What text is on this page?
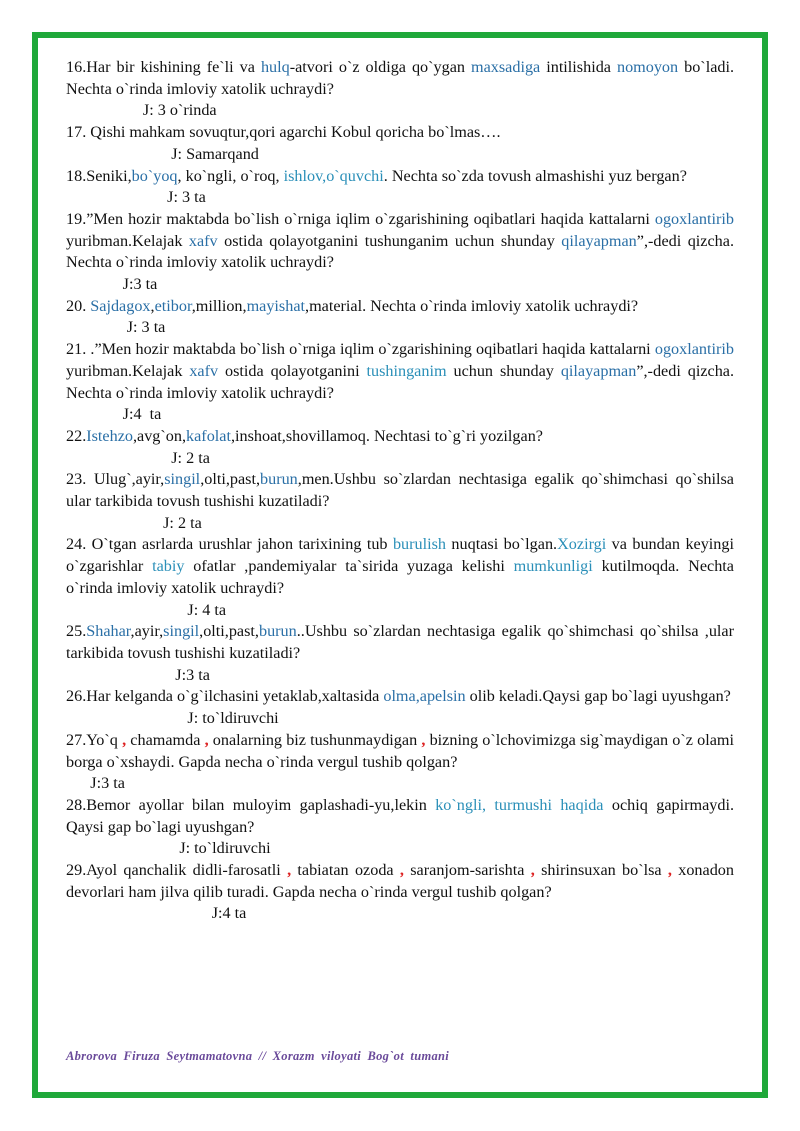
16.Har bir kishining fe`li va hulq-atvori o`z oldiga qo`ygan maxsadiga intilishida nomoyon bo`ladi. Nechta o`rinda imloviy xatolik uchraydi?

J: 3 o`rinda

17. Qishi mahkam sovuqtur,qori agarchi Kobul qoricha bo`lmas….

J: Samarqand

18.Seniki,bo`yoq, ko`ngli, o`roq, ishlov,o`quvchi. Nechta so`zda tovush almashishi yuz bergan?

J: 3 ta

19.”Men hozir maktabda bo`lish o`rniga iqlim o`zgarishining oqibatlari haqida kattalarni ogoxlantirib yuribman.Kelajak xafv ostida qolayotganini tushunganim uchun shunday qilayapman”,-dedi qizcha. Nechta o`rinda imloviy xatolik uchraydi?

J:3 ta

20. Sajdagox,etibor,million,mayishat,material. Nechta o`rinda imloviy xatolik uchraydi?

J: 3 ta

21. .”Men hozir maktabda bo`lish o`rniga iqlim o`zgarishining oqibatlari haqida kattalarni ogoxlantirib yuribman.Kelajak xafv ostida qolayotganini tushinganim uchun shunday qilayapman”,-dedi qizcha. Nechta o`rinda imloviy xatolik uchraydi?

J:4  ta

22.Istehzo,avg`on,kafolat,inshoat,shovillamoq. Nechtasi to`g`ri yozilgan?

J: 2 ta

23. Ulug`,ayir,singil,olti,past,burun,men.Ushbu so`zlardan nechtasiga egalik qo`shimchasi qo`shilsa ular tarkibida tovush tushishi kuzatiladi?

J: 2 ta

24. O`tgan asrlarda urushlar jahon tarixining tub burulish nuqtasi bo`lgan.Xozirgi va bundan keyingi o`zgarishlar tabiy ofatlar ,pandemiyalar ta`sirida yuzaga kelishi mumkunligi kutilmoqda. Nechta o`rinda imloviy xatolik uchraydi?

J: 4 ta

25.Shahar,ayir,singil,olti,past,burun..Ushbu so`zlardan nechtasiga egalik qo`shimchasi qo`shilsa ,ular tarkibida tovush tushishi kuzatiladi?

J:3 ta

26.Har kelganda o`g`ilchasini yetaklab,xaltasida olma,apelsin olib keladi.Qaysi gap bo`lagi uyushgan?

J: to`ldiruvchi

27.Yo`q , chamamda , onalarning biz tushunmaydigan , bizning o`lchovimizga sig`maydigan o`z olami borga o`xshaydi. Gapda necha o`rinda vergul tushib qolgan?

J:3 ta

28.Bemor ayollar bilan muloyim gaplashadi-yu,lekin ko`ngli, turmushi haqida ochiq gapirmaydi. Qaysi gap bo`lagi uyushgan?

J: to`ldiruvchi

29.Ayol qanchalik didli-farosatli , tabiatan ozoda , saranjom-sarishta , shirinsuxan bo`lsa , xonadon devorlari ham jilva qilib turadi. Gapda necha o`rinda vergul tushib qolgan?

J:4 ta

Abrorova Firuza Seytmamatovna // Xorazm viloyati Bog`ot tumani
